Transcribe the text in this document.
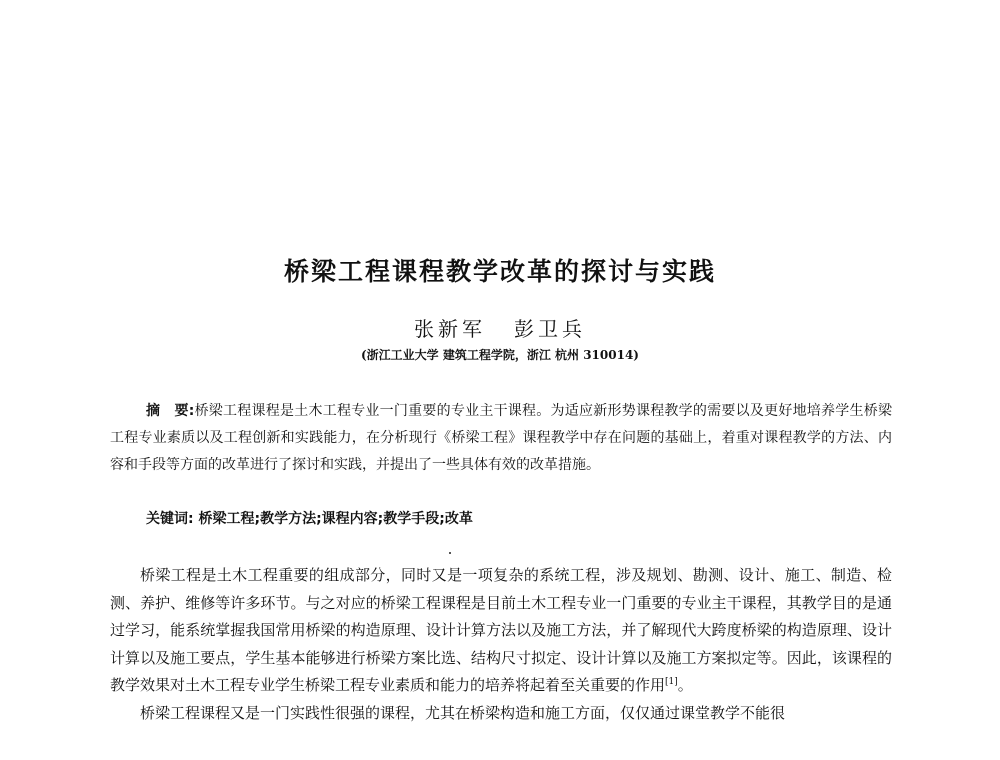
桥梁工程课程教学改革的探讨与实践
张新军 彭卫兵
(浙江工业大学 建筑工程学院，浙江 杭州 310014)
摘　要:桥梁工程课程是土木工程专业一门重要的专业主干课程。为适应新形势课程教学的需要以及更好地培养学生桥梁工程专业素质以及工程创新和实践能力，在分析现行《桥梁工程》课程教学中存在问题的基础上，着重对课程教学的方法、内容和手段等方面的改革进行了探讨和实践，并提出了一些具体有效的改革措施。
关键词: 桥梁工程;教学方法;课程内容;教学手段;改革

桥梁工程是土木工程重要的组成部分，同时又是一项复杂的系统工程，涉及规划、勘测、设计、施工、制造、检测、养护、维修等许多环节。与之对应的桥梁工程课程是目前土木工程专业一门重要的专业主干课程，其教学目的是通过学习，能系统掌握我国常用桥梁的构造原理、设计计算方法以及施工方法，并了解现代大跨度桥梁的构造原理、设计计算以及施工要点，学生基本能够进行桥梁方案比选、结构尺寸拟定、设计计算以及施工方案拟定等。因此，该课程的教学效果对土木工程专业学生桥梁工程专业素质和能力的培养将起着至关重要的作用[1]。

桥梁工程课程又是一门实践性很强的课程，尤其在桥梁构造和施工方面，仅仅通过课堂教学不能很
